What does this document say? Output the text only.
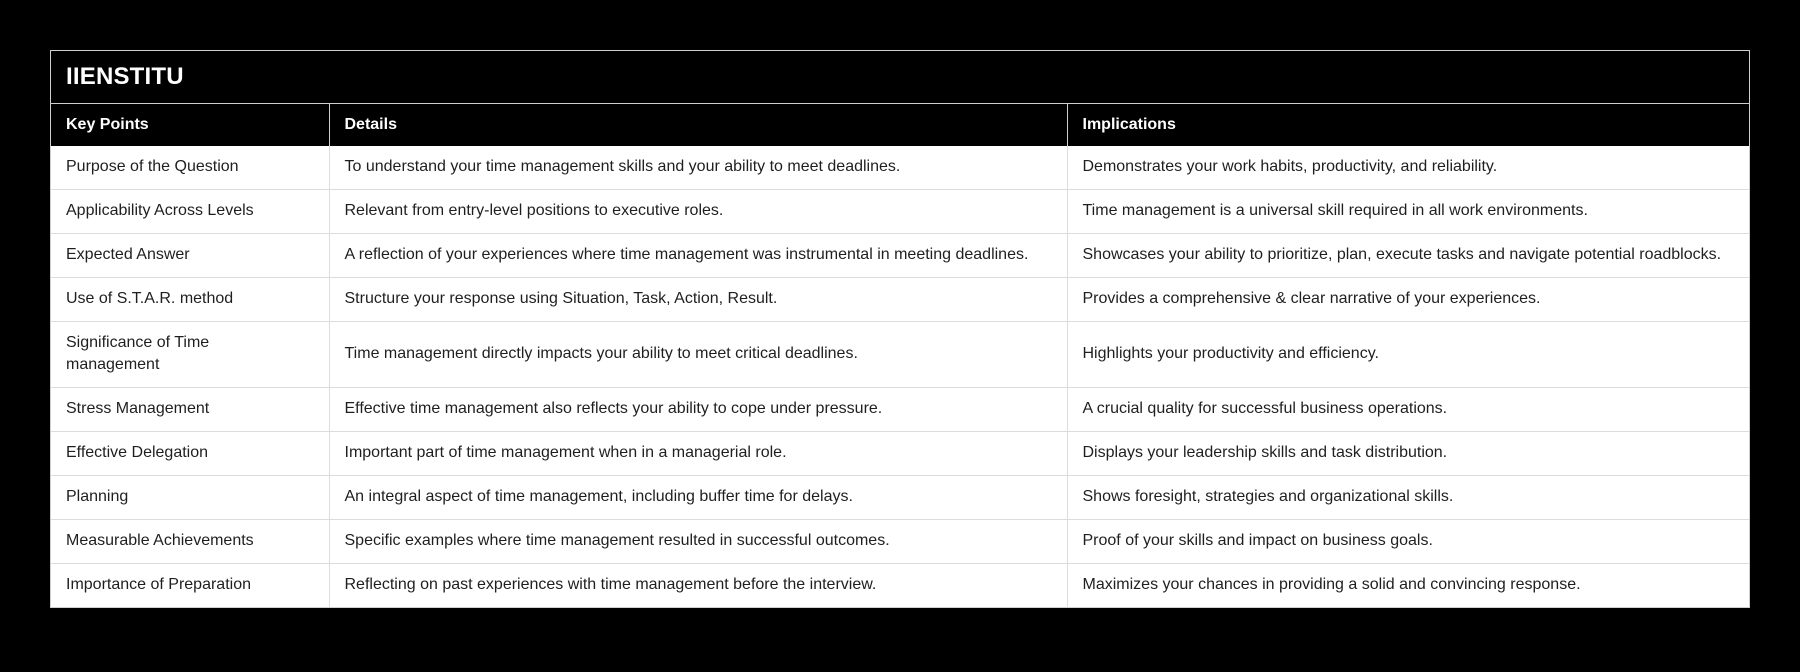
IIENSTITU
Key Points	Details	Implications
Purpose of the Question	To understand your time management skills and your ability to meet deadlines.	Demonstrates your work habits, productivity, and reliability.
Applicability Across Levels	Relevant from entry-level positions to executive roles.	Time management is a universal skill required in all work environments.
Expected Answer	A reflection of your experiences where time management was instrumental in meeting deadlines.	Showcases your ability to prioritize, plan, execute tasks and navigate potential roadblocks.
Use of S.T.A.R. method	Structure your response using Situation, Task, Action, Result.	Provides a comprehensive & clear narrative of your experiences.
Significance of Time management	Time management directly impacts your ability to meet critical deadlines.	Highlights your productivity and efficiency.
Stress Management	Effective time management also reflects your ability to cope under pressure.	A crucial quality for successful business operations.
Effective Delegation	Important part of time management when in a managerial role.	Displays your leadership skills and task distribution.
Planning	An integral aspect of time management, including buffer time for delays.	Shows foresight, strategies and organizational skills.
Measurable Achievements	Specific examples where time management resulted in successful outcomes.	Proof of your skills and impact on business goals.
Importance of Preparation	Reflecting on past experiences with time management before the interview.	Maximizes your chances in providing a solid and convincing response.
